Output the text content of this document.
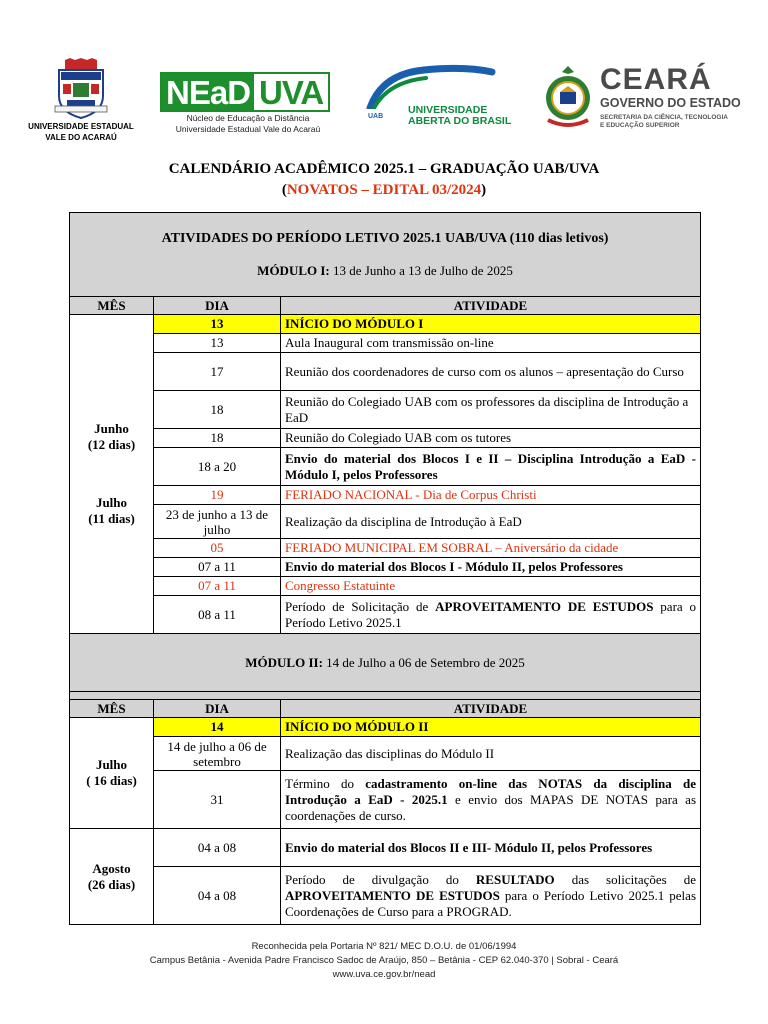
UNIVERSIDADE ESTADUAL
VALE DO ACARAÚ
NEaD UVA
Núcleo de Educação a Distância
Universidade Estadual Vale do Acaraú
UAB
UNIVERSIDADE
ABERTA DO BRASIL
CEARÁ
GOVERNO DO ESTADO
SECRETARIA DA CIÊNCIA, TECNOLOGIA
E EDUCAÇÃO SUPERIOR
CALENDÁRIO ACADÊMICO 2025.1 – GRADUAÇÃO UAB/UVA
(NOVATOS – EDITAL 03/2024)
ATIVIDADES DO PERÍODO LETIVO 2025.1 UAB/UVA (110 dias letivos)
MÓDULO I: 13 de Junho a 13 de Julho de 2025		

MÊS	DIA	ATIVIDADE

Junho
(12 dias)
Julho
(11 dias)	13	INÍCIO DO MÓDULO I
	13	Aula Inaugural com transmissão on-line
	17	Reunião dos coordenadores de curso com os alunos – apresentação do Curso
	18	Reunião do Colegiado UAB com os professores da disciplina de Introdução a EaD
	18	Reunião do Colegiado UAB com os tutores
	18 a 20	Envio do material dos Blocos I e II – Disciplina Introdução a EaD - Módulo I, pelos Professores
	19	FERIADO NACIONAL - Dia de Corpus Christi
	23 de junho a 13 de julho	Realização da disciplina de Introdução à EaD
	05	FERIADO MUNICIPAL EM SOBRAL – Aniversário da cidade
	07 a 11	Envio do material dos Blocos I - Módulo II, pelos Professores
	07 a 11	Congresso Estatuinte
	08 a 11	Período de Solicitação de APROVEITAMENTO DE ESTUDOS para o Período Letivo 2025.1
MÓDULO II: 14 de Julho a 06 de Setembro de 2025		

MÊS	DIA	ATIVIDADE

Julho
( 16 dias)	14	INÍCIO DO MÓDULO II
	14 de julho a 06 de setembro	Realização das disciplinas do Módulo II
	31	Término do cadastramento on-line das NOTAS da disciplina de Introdução a EaD - 2025.1 e envio dos MAPAS DE NOTAS para as coordenações de curso.

Agosto
(26 dias)	04 a 08	Envio do material dos Blocos II e III- Módulo II, pelos Professores
	04 a 08	Período de divulgação do RESULTADO das solicitações de APROVEITAMENTO DE ESTUDOS para o Período Letivo 2025.1 pelas Coordenações de Curso para a PROGRAD.
Reconhecida pela Portaria Nº 821/ MEC D.O.U. de 01/06/1994
Campus Betânia - Avenida Padre Francisco Sadoc de Araújo, 850 – Betânia - CEP 62.040-370 | Sobral - Ceará
www.uva.ce.gov.br/nead
